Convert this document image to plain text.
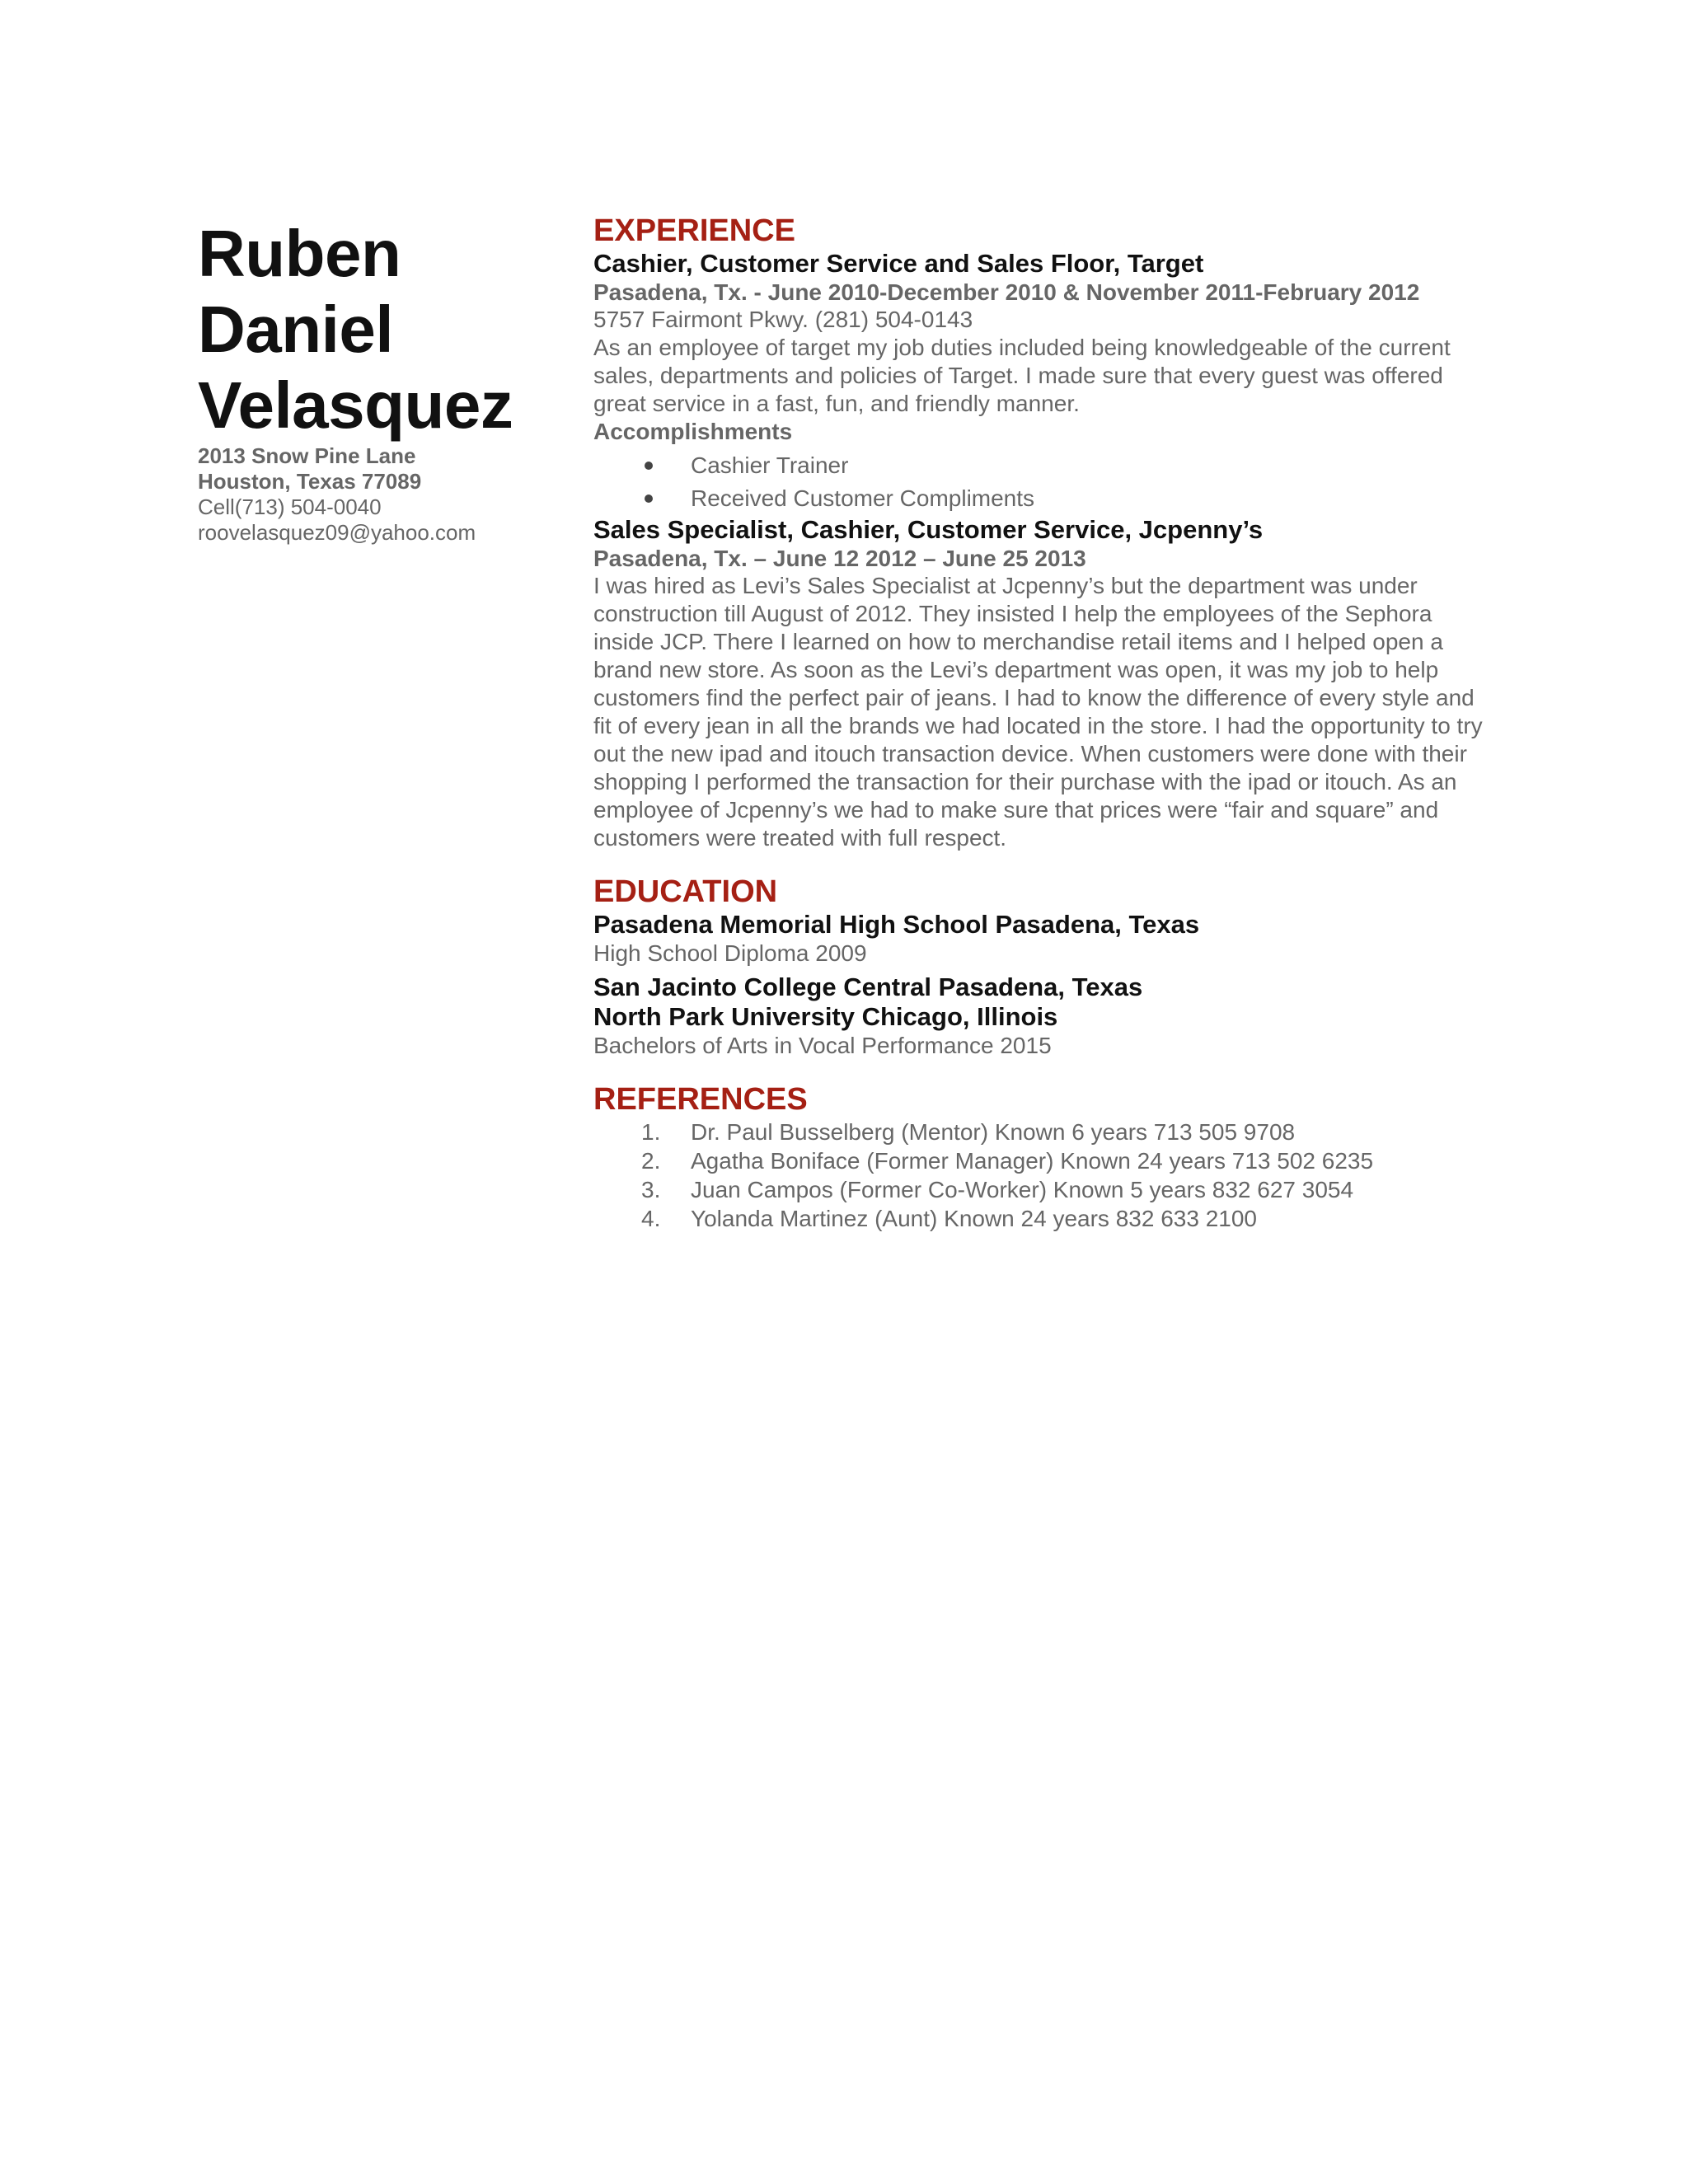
Ruben
Daniel
Velasquez
2013 Snow Pine Lane
Houston, Texas 77089
Cell(713) 504-0040
roovelasquez09@yahoo.com
EXPERIENCE
Cashier, Customer Service and Sales Floor, Target
Pasadena, Tx. - June 2010-December 2010 & November 2011-February 2012
5757 Fairmont Pkwy. (281) 504-0143
As an employee of target my job duties included being knowledgeable of the current sales, departments and policies of Target. I made sure that every guest was offered great service in a fast, fun, and friendly manner.
Accomplishments
Cashier Trainer
Received Customer Compliments
Sales Specialist, Cashier, Customer Service, Jcpenny’s
Pasadena, Tx. – June 12 2012 – June 25 2013
I was hired as Levi’s Sales Specialist at Jcpenny’s but the department was under construction till August of 2012. They insisted I help the employees of the Sephora inside JCP. There I learned on how to merchandise retail items and I helped open a brand new store. As soon as the Levi’s department was open, it was my job to help customers find the perfect pair of jeans. I had to know the difference of every style and fit of every jean in all the brands we had located in the store. I had the opportunity to try out the new ipad and itouch transaction device. When customers were done with their shopping I performed the transaction for their purchase with the ipad or itouch. As an employee of Jcpenny’s we had to make sure that prices were “fair and square” and customers were treated with full respect.
EDUCATION
Pasadena Memorial High School Pasadena, Texas
High School Diploma 2009
San Jacinto College Central Pasadena, Texas
North Park University Chicago, Illinois
Bachelors of Arts in Vocal Performance 2015
REFERENCES
1. Dr. Paul Busselberg (Mentor) Known 6 years 713 505 9708
2. Agatha Boniface (Former Manager) Known 24 years 713 502 6235
3. Juan Campos (Former Co-Worker) Known 5 years 832 627 3054
4. Yolanda Martinez (Aunt) Known 24 years 832 633 2100
